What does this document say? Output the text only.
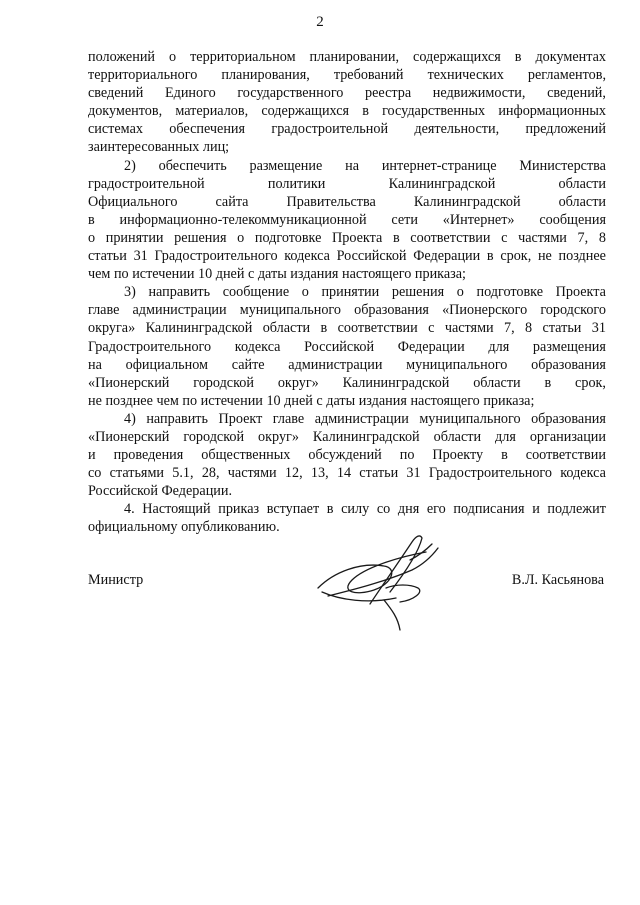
2
положений о территориальном планировании, содержащихся в документах
территориального планирования, требований технических регламентов,
сведений Единого государственного реестра недвижимости, сведений,
документов, материалов, содержащихся в государственных информационных
системах обеспечения градостроительной деятельности, предложений
заинтересованных лиц;
2) обеспечить размещение на интернет-странице Министерства
градостроительной	политики	Калининградской	области
Официального	сайта	Правительства	Калининградской	области
в информационно-телекоммуникационной сети «Интернет» сообщения
о принятии решения о подготовке Проекта в соответствии с частями 7, 8
статьи 31 Градостроительного кодекса Российской Федерации в срок, не позднее
чем по истечении 10 дней с даты издания настоящего приказа;
3) направить сообщение о принятии решения о подготовке Проекта
главе администрации муниципального образования «Пионерского городского
округа» Калининградской области в соответствии с частями 7, 8 статьи 31
Градостроительного кодекса Российской Федерации для размещения
на официальном сайте администрации муниципального образования
«Пионерский городской округ» Калининградской области в срок,
не позднее чем по истечении 10 дней с даты издания настоящего приказа;
4) направить Проект главе администрации муниципального образования
«Пионерский городской округ» Калининградской области для организации
и проведения общественных обсуждений по Проекту в соответствии
со статьями 5.1, 28, частями 12, 13, 14 статьи 31 Градостроительного кодекса
Российской Федерации.
4. Настоящий приказ вступает в силу со дня его подписания и подлежит
официальному опубликованию.
Министр	В.Л. Касьянова
